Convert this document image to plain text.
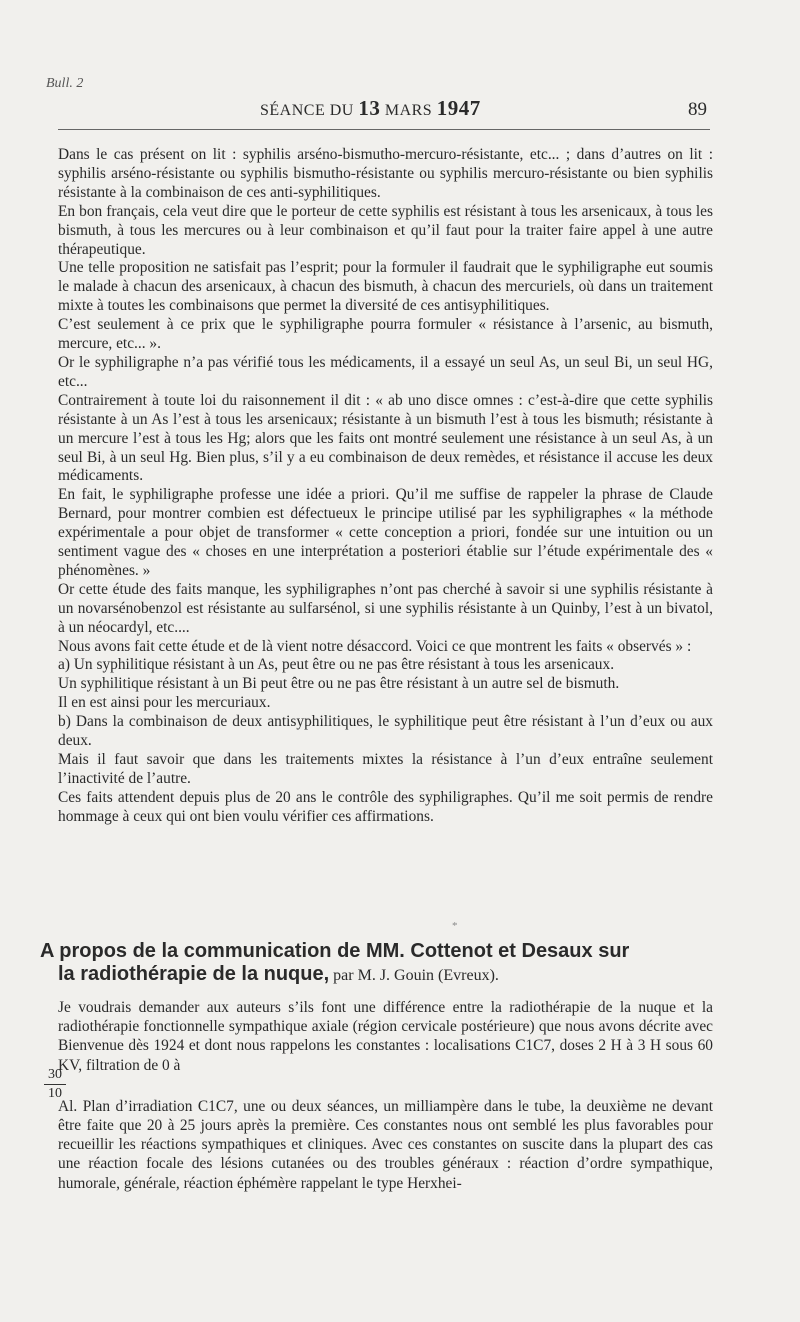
Bull. 2
SÉANCE DU 13 MARS 1947	89

Dans le cas présent on lit : syphilis arséno-bismutho-mercuro-résistante, etc... ; dans d’autres on lit : syphilis arséno-résistante ou syphilis bismutho-résistante ou syphilis mercuro-résistante ou bien syphilis résistante à la combinaison de ces anti-syphilitiques.

En bon français, cela veut dire que le porteur de cette syphilis est résistant à tous les arsenicaux, à tous les bismuth, à tous les mercures ou à leur combinaison et qu’il faut pour la traiter faire appel à une autre thérapeutique.

Une telle proposition ne satisfait pas l’esprit; pour la formuler il faudrait que le syphiligraphe eut soumis le malade à chacun des arsenicaux, à chacun des bismuth, à chacun des mercuriels, où dans un traitement mixte à toutes les combinaisons que permet la diversité de ces antisyphilitiques.

C’est seulement à ce prix que le syphiligraphe pourra formuler « résistance à l’arsenic, au bismuth, mercure, etc... ».

Or le syphiligraphe n’a pas vérifié tous les médicaments, il a essayé un seul As, un seul Bi, un seul HG, etc...

Contrairement à toute loi du raisonnement il dit : « ab uno disce omnes : c’est-à-dire que cette syphilis résistante à un As l’est à tous les arsenicaux; résistante à un bismuth l’est à tous les bismuth; résistante à un mercure l’est à tous les Hg; alors que les faits ont montré seulement une résistance à un seul As, à un seul Bi, à un seul Hg. Bien plus, s’il y a eu combinaison de deux remèdes, et résistance il accuse les deux médicaments.

En fait, le syphiligraphe professe une idée a priori. Qu’il me suffise de rappeler la phrase de Claude Bernard, pour montrer combien est défectueux le principe utilisé par les syphiligraphes « la méthode expérimentale a pour objet de transformer « cette conception a priori, fondée sur une intuition ou un sentiment vague des « choses en une interprétation a posteriori établie sur l’étude expérimentale des « phénomènes. »

Or cette étude des faits manque, les syphiligraphes n’ont pas cherché à savoir si une syphilis résistante à un novarsénobenzol est résistante au sulfarsénol, si une syphilis résistante à un Quinby, l’est à un bivatol, à un néocardyl, etc....

Nous avons fait cette étude et de là vient notre désaccord. Voici ce que montrent les faits « observés » :

a) Un syphilitique résistant à un As, peut être ou ne pas être résistant à tous les arsenicaux.

Un syphilitique résistant à un Bi peut être ou ne pas être résistant à un autre sel de bismuth.

Il en est ainsi pour les mercuriaux.

b) Dans la combinaison de deux antisyphilitiques, le syphilitique peut être résistant à l’un d’eux ou aux deux.

Mais il faut savoir que dans les traitements mixtes la résistance à l’un d’eux entraîne seulement l’inactivité de l’autre.

Ces faits attendent depuis plus de 20 ans le contrôle des syphiligraphes. Qu’il me soit permis de rendre hommage à ceux qui ont bien voulu vérifier ces affirmations.

*
A propos de la communication de MM. Cottenot et Desaux sur
la radiothérapie de la nuque, par M. J. Gouin (Evreux).

Je voudrais demander aux auteurs s’ils font une différence entre la radiothérapie de la nuque et la radiothérapie fonctionnelle sympathique axiale (région cervicale postérieure) que nous avons décrite avec Bienvenue dès 1924 et dont nous rappelons les constantes : localisations C1C7, doses 2 H à 3 H sous 60 KV, filtration de 0 à

Al. Plan d’irradiation C1C7, une ou deux séances, un milliampère dans le tube, la deuxième ne devant être faite que 20 à 25 jours après la première. Ces constantes nous ont semblé les plus favorables pour recueillir les réactions sympathiques et cliniques. Avec ces constantes on suscite dans la plupart des cas une réaction focale des lésions cutanées ou des troubles généraux : réaction d’ordre sympathique, humorale, générale, réaction éphémère rappelant le type Herxhei-

30
10
